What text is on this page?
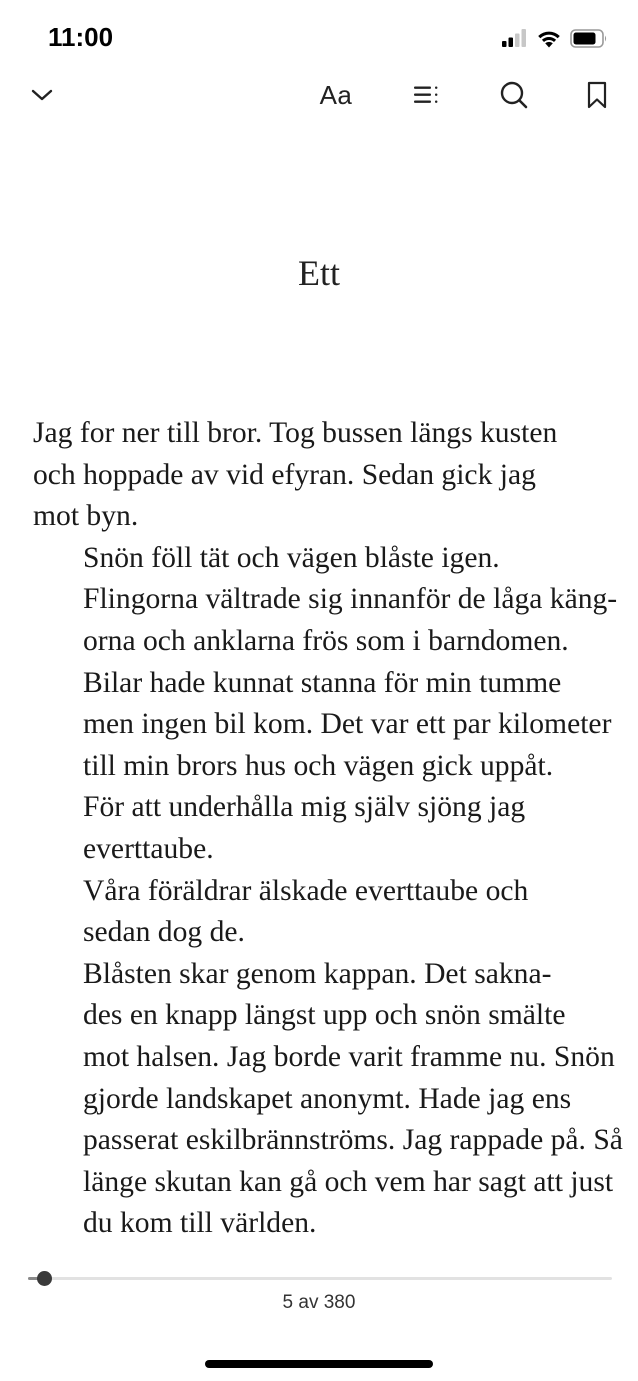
11:00
Aa
Ett

Jag for ner till bror. Tog bussen längs kusten
och hoppade av vid efyran. Sedan gick jag
mot byn.

Snön föll tät och vägen blåste igen.
Flingorna vältrade sig innanför de låga käng-
orna och anklarna frös som i barndomen.

Bilar hade kunnat stanna för min tumme
men ingen bil kom. Det var ett par kilometer
till min brors hus och vägen gick uppåt.

För att underhålla mig själv sjöng jag
everttaube.

Våra föräldrar älskade everttaube och
sedan dog de.

Blåsten skar genom kappan. Det sakna-
des en knapp längst upp och snön smälte
mot halsen. Jag borde varit framme nu. Snön
gjorde landskapet anonymt. Hade jag ens
passerat eskilbrännströms. Jag rappade på. Så
länge skutan kan gå och vem har sagt att just
du kom till världen.

5 av 380
